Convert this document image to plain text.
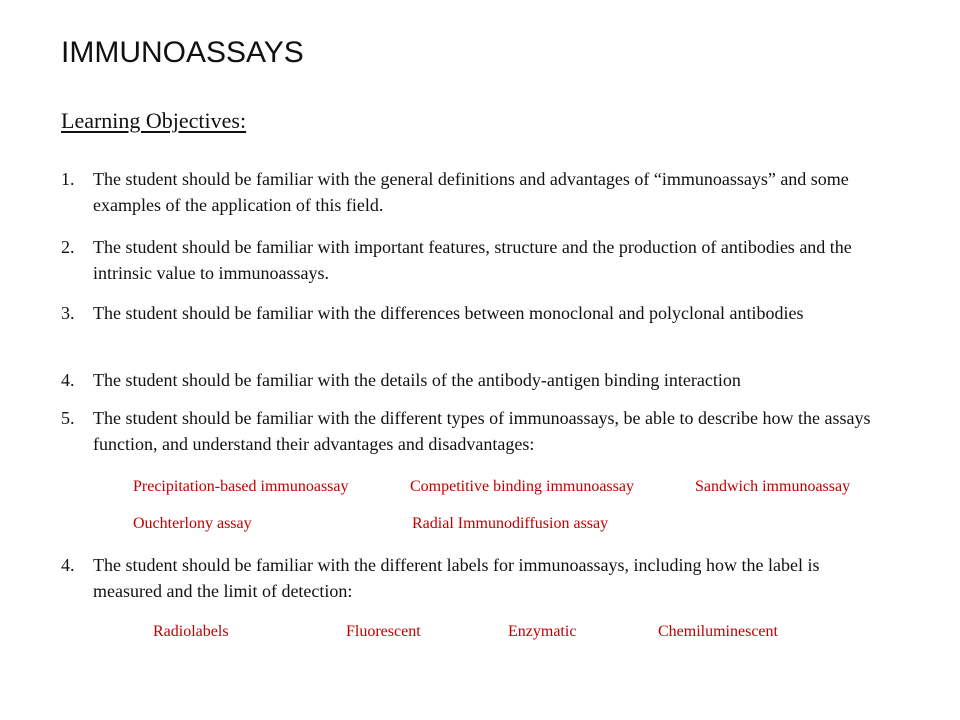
IMMUNOASSAYS
Learning Objectives:
1. The student should be familiar with the general definitions and advantages of “immunoassays” and some examples of the application of this field.
2. The student should be familiar with important features, structure and the production of antibodies and the intrinsic value to immunoassays.
3. The student should be familiar with the differences between monoclonal and polyclonal antibodies
4. The student should be familiar with the details of the antibody-antigen binding interaction
5. The student should be familiar with the different types of immunoassays, be able to describe how the assays function, and understand their advantages and disadvantages:
Precipitation-based immunoassay	Competitive binding immunoassay	Sandwich immunoassay
Ouchterlony assay	Radial Immunodiffusion assay
4. The student should be familiar with the different labels for immunoassays, including how the label is measured and the limit of detection:
Radiolabels	Fluorescent	Enzymatic	Chemiluminescent
